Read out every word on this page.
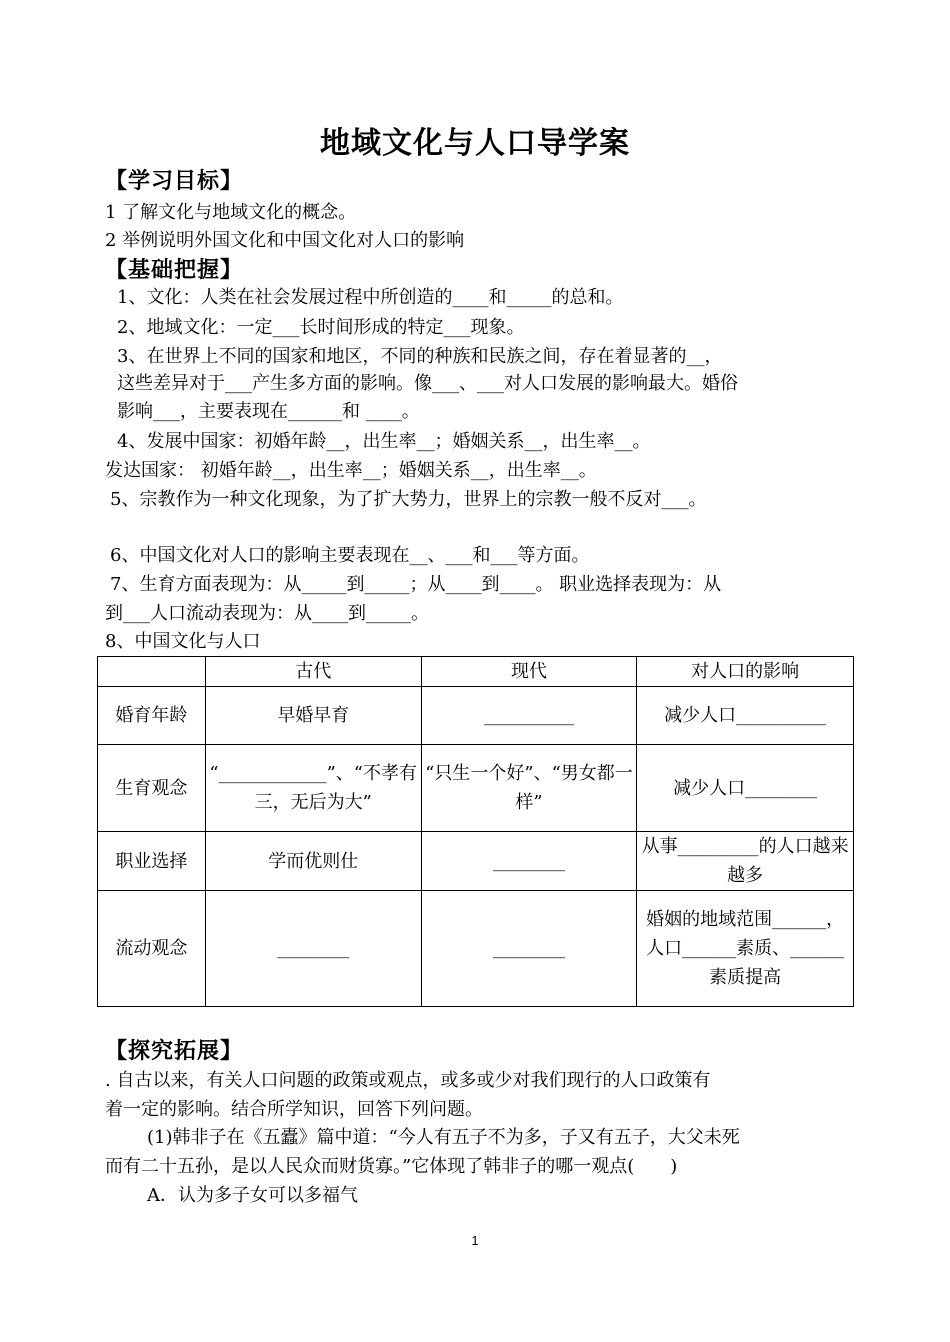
地域文化与人口导学案
【学习目标】
1 了解文化与地域文化的概念。
2 举例说明外国文化和中国文化对人口的影响
【基础把握】
1、文化：人类在社会发展过程中所创造的____和_____的总和。
2、地域文化：一定___长时间形成的特定___现象。
3、在世界上不同的国家和地区，不同的种族和民族之间，存在着显著的__，
这些差异对于___产生多方面的影响。像___、___对人口发展的影响最大。婚俗
影响___，主要表现在______和 ____。
4、发展中国家：初婚年龄__，出生率__；婚姻关系__，出生率__。
发达国家： 初婚年龄__，出生率__；婚姻关系__，出生率__。
5、宗教作为一种文化现象，为了扩大势力，世界上的宗教一般不反对___。
6、中国文化对人口的影响主要表现在__、___和___等方面。
7、生育方面表现为：从_____到_____；从____到____。 职业选择表现为：从
到___人口流动表现为：从____到_____。
8、中国文化与人口
	古代	现代	对人口的影响
婚育年龄	早婚早育	__________	减少人口__________
生育观念	“____________”、“不孝有三，无后为大”	“只生一个好”、“男女都一样”	减少人口________
职业选择	学而优则仕	________	从事_________的人口越来越多
流动观念	________	________	婚姻的地域范围______，人口______素质、______素质提高
【探究拓展】
. 自古以来，有关人口问题的政策或观点，或多或少对我们现行的人口政策有
着一定的影响。结合所学知识，回答下列问题。
(1)韩非子在《五蠹》篇中道：“今人有五子不为多，子又有五子，大父未死
而有二十五孙，是以人民众而财货寡。”它体现了韩非子的哪一观点(　　)
A．认为多子女可以多福气
1
